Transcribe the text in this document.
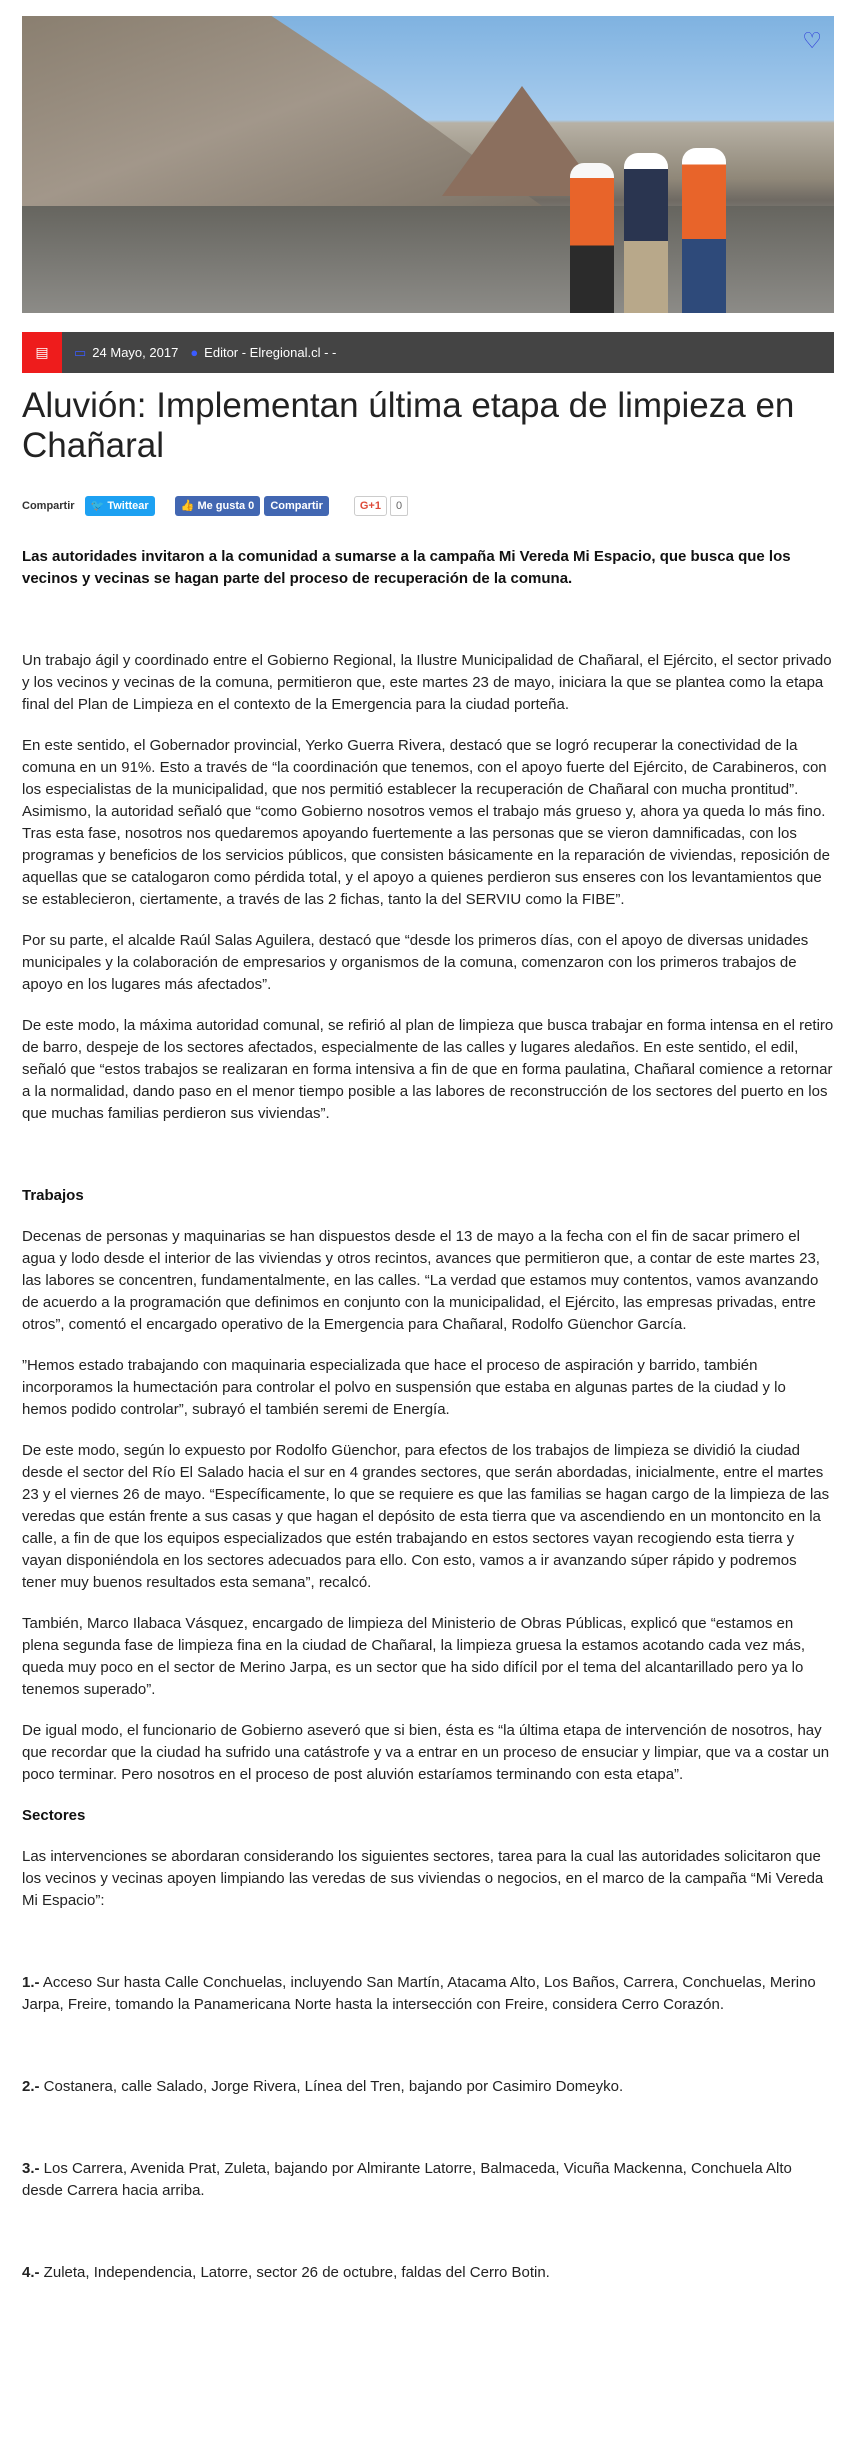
♡
▤	▭ 24 Mayo, 2017 ● Editor - Elregional.cl - -
Aluvión: Implementan última etapa de limpieza en Chañaral
Compartir	🐦 Twittear	👍 Me gusta 0	Compartir	G+1	0
Las autoridades invitaron a la comunidad a sumarse a la campaña Mi Vereda Mi Espacio, que busca que los vecinos y vecinas se hagan parte del proceso de recuperación de la comuna.

Un trabajo ágil y coordinado entre el Gobierno Regional, la Ilustre Municipalidad de Chañaral, el Ejército, el sector privado y los vecinos y vecinas de la comuna, permitieron que, este martes 23 de mayo, iniciara la que se plantea como la etapa final del Plan de Limpieza en el contexto de la Emergencia para la ciudad porteña.

En este sentido, el Gobernador provincial, Yerko Guerra Rivera, destacó que se logró recuperar la conectividad de la comuna en un 91%. Esto a través de “la coordinación que tenemos, con el apoyo fuerte del Ejército, de Carabineros, con los especialistas de la municipalidad, que nos permitió establecer la recuperación de Chañaral con mucha prontitud”. Asimismo, la autoridad señaló que “como Gobierno nosotros vemos el trabajo más grueso y, ahora ya queda lo más fino. Tras esta fase, nosotros nos quedaremos apoyando fuertemente a las personas que se vieron damnificadas, con los programas y beneficios de los servicios públicos, que consisten básicamente en la reparación de viviendas, reposición de aquellas que se catalogaron como pérdida total, y el apoyo a quienes perdieron sus enseres con los levantamientos que se establecieron, ciertamente, a través de las 2 fichas, tanto la del SERVIU como la FIBE”.

Por su parte, el alcalde Raúl Salas Aguilera, destacó que “desde los primeros días, con el apoyo de diversas unidades municipales y la colaboración de empresarios y organismos de la comuna, comenzaron con los primeros trabajos de apoyo en los lugares más afectados”.

De este modo, la máxima autoridad comunal, se refirió al plan de limpieza que busca trabajar en forma intensa en el retiro de barro, despeje de los sectores afectados, especialmente de las calles y lugares aledaños. En este sentido, el edil, señaló que “estos trabajos se realizaran en forma intensiva a fin de que en forma paulatina, Chañaral comience a retornar a la normalidad, dando paso en el menor tiempo posible a las labores de reconstrucción de los sectores del puerto en los que muchas familias perdieron sus viviendas”.

Trabajos

Decenas de personas y maquinarias se han dispuestos desde el 13 de mayo a la fecha con el fin de sacar primero el agua y lodo desde el interior de las viviendas y otros recintos, avances que permitieron que, a contar de este martes 23, las labores se concentren, fundamentalmente, en las calles. “La verdad que estamos muy contentos, vamos avanzando de acuerdo a la programación que definimos en conjunto con la municipalidad, el Ejército, las empresas privadas, entre otros”, comentó el encargado operativo de la Emergencia para Chañaral, Rodolfo Güenchor García.

”Hemos estado trabajando con maquinaria especializada que hace el proceso de aspiración y barrido, también incorporamos la humectación para controlar el polvo en suspensión que estaba en algunas partes de la ciudad y lo hemos podido controlar”, subrayó el también seremi de Energía.

De este modo, según lo expuesto por Rodolfo Güenchor, para efectos de los trabajos de limpieza se dividió la ciudad desde el sector del Río El Salado hacia el sur en 4 grandes sectores, que serán abordadas, inicialmente, entre el martes 23 y el viernes 26 de mayo. “Específicamente, lo que se requiere es que las familias se hagan cargo de la limpieza de las veredas que están frente a sus casas y que hagan el depósito de esta tierra que va ascendiendo en un montoncito en la calle, a fin de que los equipos especializados que estén trabajando en estos sectores vayan recogiendo esta tierra y vayan disponiéndola en los sectores adecuados para ello. Con esto, vamos a ir avanzando súper rápido y podremos tener muy buenos resultados esta semana”, recalcó.

También, Marco Ilabaca Vásquez, encargado de limpieza del Ministerio de Obras Públicas, explicó que “estamos en plena segunda fase de limpieza fina en la ciudad de Chañaral, la limpieza gruesa la estamos acotando cada vez más, queda muy poco en el sector de Merino Jarpa, es un sector que ha sido difícil por el tema del alcantarillado pero ya lo tenemos superado”.

De igual modo, el funcionario de Gobierno aseveró que si bien, ésta es “la última etapa de intervención de nosotros, hay que recordar que la ciudad ha sufrido una catástrofe y va a entrar en un proceso de ensuciar y limpiar, que va a costar un poco terminar. Pero nosotros en el proceso de post aluvión estaríamos terminando con esta etapa”.

Sectores

Las intervenciones se abordaran considerando los siguientes sectores, tarea para la cual las autoridades solicitaron que los vecinos y vecinas apoyen limpiando las veredas de sus viviendas o negocios, en el marco de la campaña “Mi Vereda Mi Espacio”:

1.- Acceso Sur hasta Calle Conchuelas, incluyendo San Martín, Atacama Alto, Los Baños, Carrera, Conchuelas, Merino Jarpa, Freire, tomando la Panamericana Norte hasta la intersección con Freire, considera Cerro Corazón.

2.- Costanera, calle Salado, Jorge Rivera, Línea del Tren, bajando por Casimiro Domeyko.

3.- Los Carrera, Avenida Prat, Zuleta, bajando por Almirante Latorre, Balmaceda, Vicuña Mackenna, Conchuela Alto desde Carrera hacia arriba.

4.- Zuleta, Independencia, Latorre, sector 26 de octubre, faldas del Cerro Botin.
